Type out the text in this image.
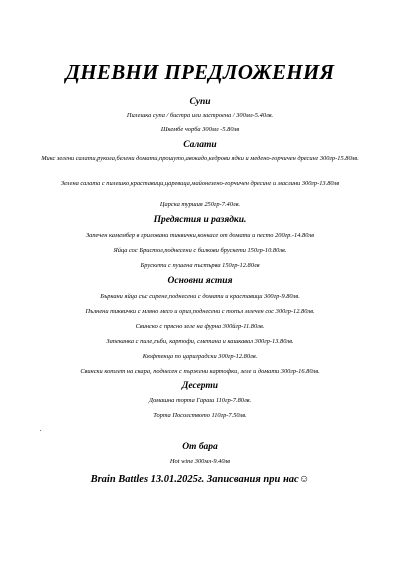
ДНЕВНИ ПРЕДЛОЖЕНИЯ
Супи
Пилешка супа / бистра или застроена / 300мл-5.40лв.
Шкембе чорба 300мл -5.80лв
Салати
Микс зелени салати,рукола,белени домати,прошуто,авокадо,кедрови ядки и медено-горчичен дресинг 300гр-15.80лв.
Зелена салата с пилешко,краставици,царевица,майонезено-горчичен дресинг и маслини 300гр-13.80лв
Царска туршия 250гр-7.40лв.
Предястия и разядки.
Запечен камембер в гриловани тиквички,конкасе от домати и песто 200гр.-14.80лв
Яйца сос Бристол,поднесени с билкови брускети 150гр-10.80лв.
Брускети с пушена пъстърва 150гр-12.80лв
Основни ястия
Бъркани яйца със сирене,поднесени с домати и краставици 300гр-9.80лв.
Пълнени тиквички с мляно месо и ориз,поднесени с топъл млечен сос 300гр-12.80лв.
Свинско с прясно зеле на фурна 300йгр-11.80лв.
Запеканка с пиле,гъби, картофи, сметана и кашкавал 300гр-13.80лв.
Кюфтенца по цариградски 300гр-12.80лв.
Свински котлет на скара, поднесен с пържени картофки, зеле и домати 300гр-16.80лв.
Десерти
Домашна торта Гараш 110гр-7.80лв.
Торта Посолството 110гр-7.50лв.
.
От бара
Hot wine 300мл-9.40лв
Brain Battles 13.01.2025г. Записвания при нас☺
